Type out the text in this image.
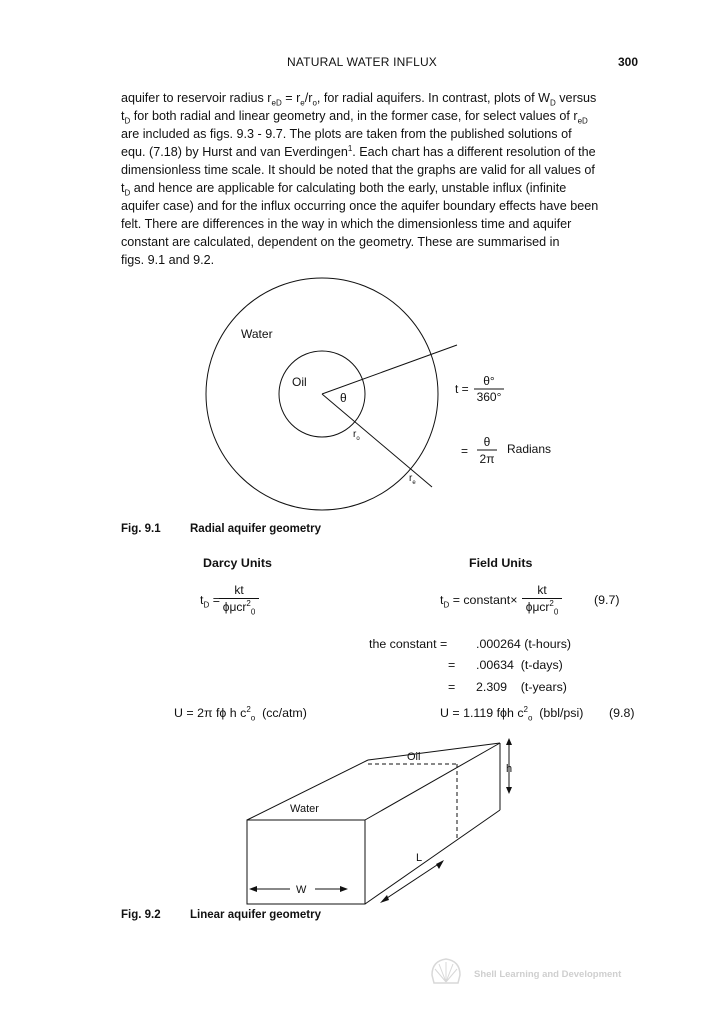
NATURAL WATER INFLUX	300

aquifer to reservoir radius $r_{eD} = r_e/r_o$, for radial aquifers. In contrast, plots of $W_D$ versus

$t_D$ for both radial and linear geometry and, in the former case, for select values of $r_{eD}$

are included as figs. 9.3 - 9.7. The plots are taken from the published solutions of

equ. (7.18) by Hurst and van Everdingen$^1$. Each chart has a different resolution of the

dimensionless time scale. It should be noted that the graphs are valid for all values of

$t_D$ and hence are applicable for calculating both the early, unstable influx (infinite

aquifer case) and for the influx occurring once the aquifer boundary effects have been

felt. There are differences in the way in which the dimensionless time and aquifer

constant are calculated, dependent on the geometry. These are summarised in

figs. 9.1 and 9.2.

Water
Oil
θ
$r_o$
$r_e$
t =
θ°
360°
=
θ
2π
Radians
Fig. 9.1	Radial aquifer geometry
Darcy Units	Field Units
$t_D$ =
kt
ϕμcr$^2_0$
$t_D$ = constant×
kt
ϕμcr$^2_0$
(9.7)
the constant = .000264 (t-hours)
= .00634  (t-days)
= 2.309    (t-years)
U = 2π fϕ h $c^2_o$  (cc/atm)	U = 1.119 fϕh $c^2_o$  (bbl/psi) (9.8)
Oil
Water
h
L
W
Fig. 9.2	Linear aquifer geometry
Shell Learning and Development
